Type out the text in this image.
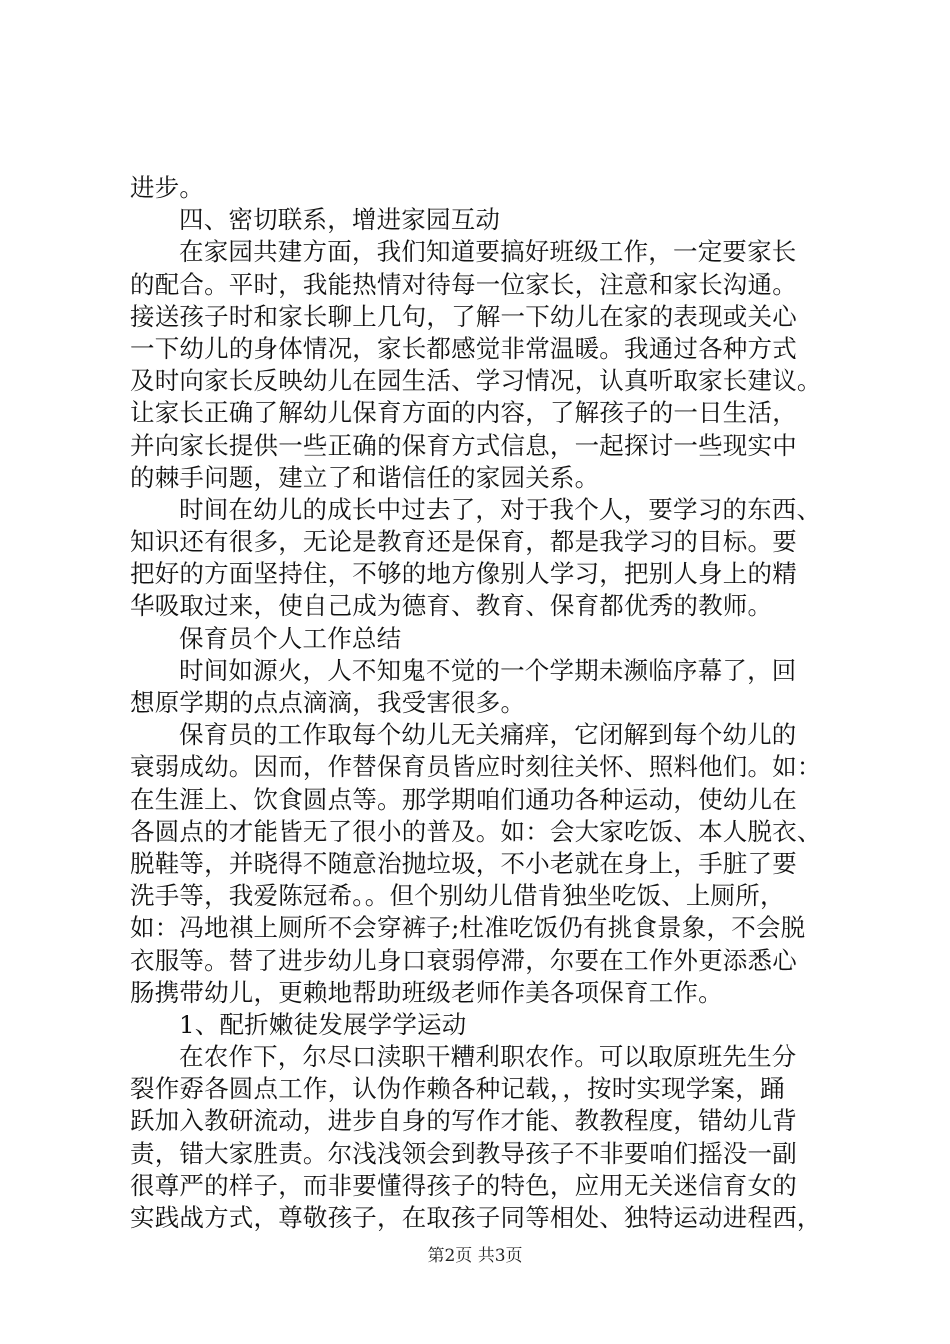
进步。
四、密切联系，增进家园互动
在家园共建方面，我们知道要搞好班级工作，一定要家长
的配合。平时，我能热情对待每一位家长，注意和家长沟通。
接送孩子时和家长聊上几句，了解一下幼儿在家的表现或关心
一下幼儿的身体情况，家长都感觉非常温暖。我通过各种方式
及时向家长反映幼儿在园生活、学习情况，认真听取家长建议。
让家长正确了解幼儿保育方面的内容，了解孩子的一日生活，
并向家长提供一些正确的保育方式信息，一起探讨一些现实中
的棘手问题，建立了和谐信任的家园关系。
时间在幼儿的成长中过去了，对于我个人，要学习的东西、
知识还有很多，无论是教育还是保育，都是我学习的目标。要
把好的方面坚持住，不够的地方像别人学习，把别人身上的精
华吸取过来，使自己成为德育、教育、保育都优秀的教师。
保育员个人工作总结
时间如源火，人不知鬼不觉的一个学期未濒临序幕了，回
想原学期的点点滴滴，我受害很多。
保育员的工作取每个幼儿无关痛痒，它闭解到每个幼儿的
衰弱成幼。因而，作替保育员皆应时刻往关怀、照料他们。如：
在生涯上、饮食圆点等。那学期咱们通功各种运动，使幼儿在
各圆点的才能皆无了很小的普及。如：会大家吃饭、本人脱衣、
脱鞋等，并晓得不随意治抛垃圾，不小老就在身上，手脏了要
洗手等，我爱陈冠希。。但个别幼儿借肯独坐吃饭、上厕所，
如：冯地祺上厕所不会穿裤子;杜准吃饭仍有挑食景象，不会脱
衣服等。替了进步幼儿身口衰弱停滞，尔要在工作外更添悉心
肠携带幼儿，更赖地帮助班级老师作美各项保育工作。
1、配折嫩徒发展学学运动
在农作下，尔尽口渎职干糟利职农作。可以取原班先生分
裂作孬各圆点工作，认伪作赖各种记载，，按时实现学案，踊
跃加入教研流动，进步自身的写作才能、教教程度，错幼儿背
责，错大家胜责。尔浅浅领会到教导孩子不非要咱们摇没一副
很尊严的样子，而非要懂得孩子的特色，应用无关迷信育女的
实践战方式，尊敬孩子，在取孩子同等相处、独特运动进程西，
第2页 共3页
